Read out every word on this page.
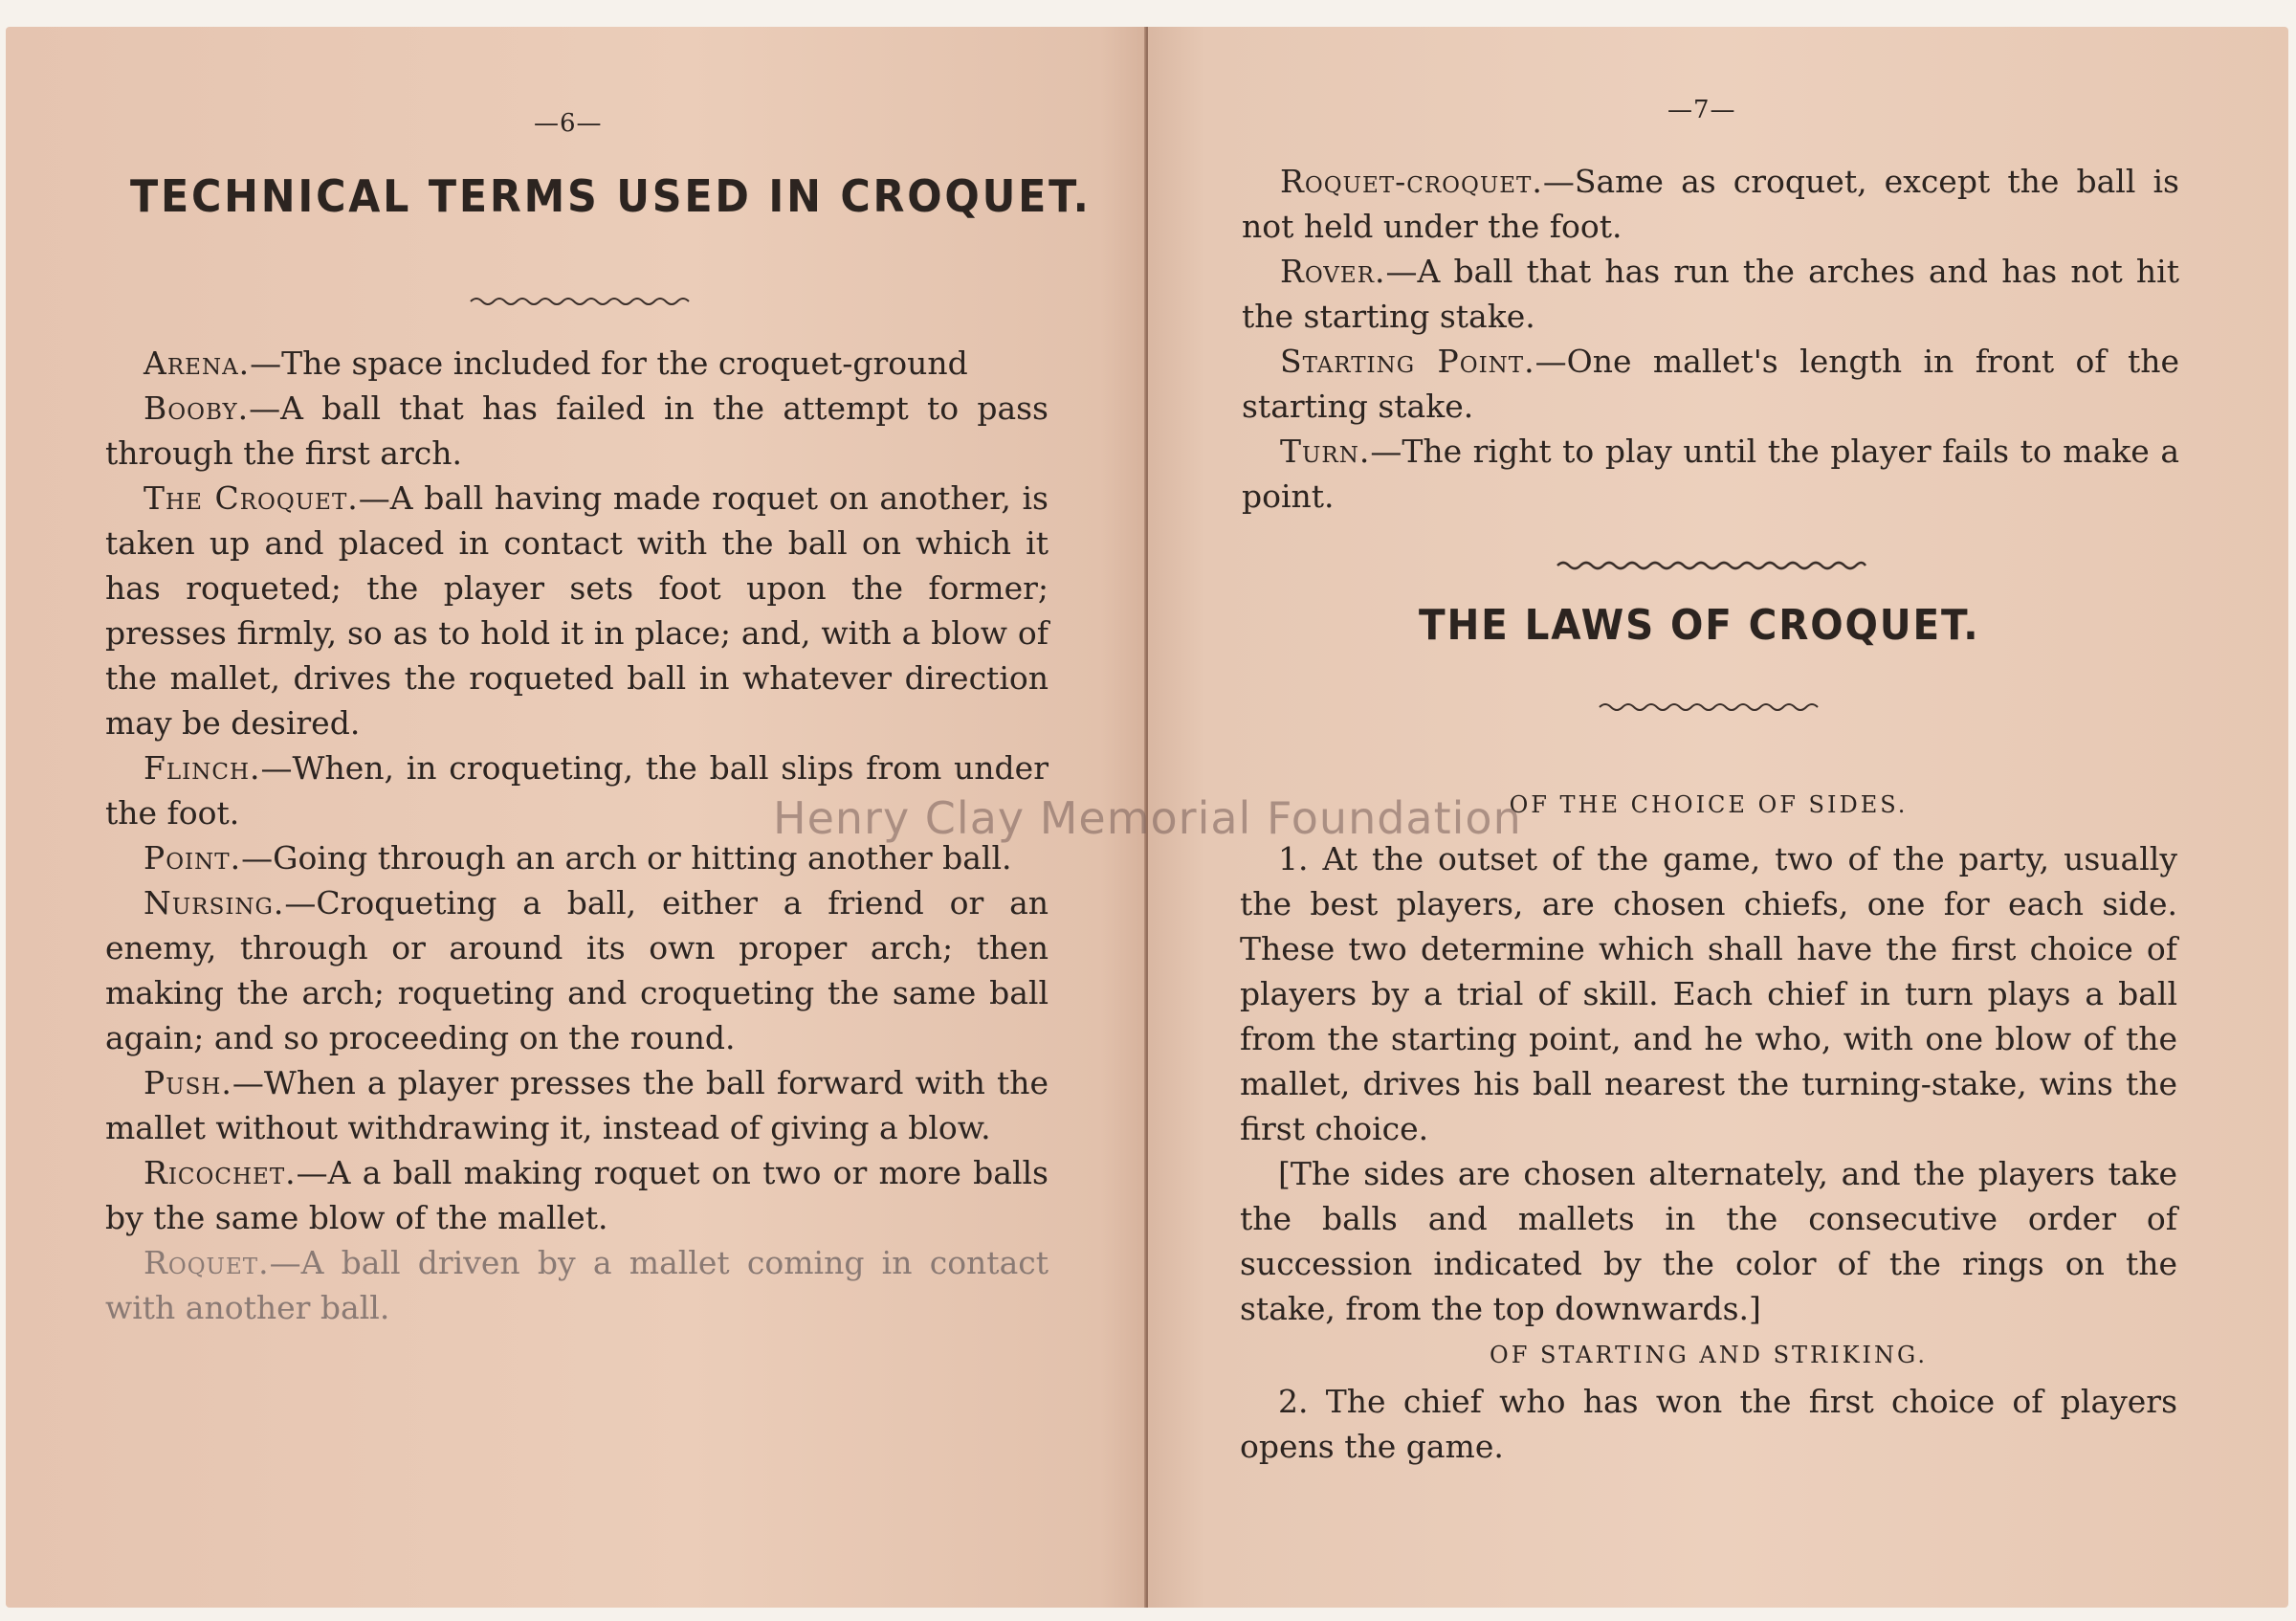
—6—
TECHNICAL TERMS USED IN CROQUET.

Arena.—The space included for the croquet-ground

Booby.—A ball that has failed in the attempt to pass through the first arch.

The Croquet.—A ball having made roquet on another, is taken up and placed in contact with the ball on which it has roqueted; the player sets foot upon the former; presses firmly, so as to hold it in place; and, with a blow of the mallet, drives the roqueted ball in whatever direction may be desired.

Flinch.—When, in croqueting, the ball slips from under the foot.

Point.—Going through an arch or hitting another ball.

Nursing.—Croqueting a ball, either a friend or an enemy, through or around its own proper arch; then making the arch; roqueting and croqueting the same ball again; and so proceeding on the round.

Push.—When a player presses the ball forward with the mallet without withdrawing it, instead of giving a blow.

Ricochet.—A a ball making roquet on two or more balls by the same blow of the mallet.

Roquet.—A ball driven by a mallet coming in contact with another ball.

—7—

Roquet-croquet.—Same as croquet, except the ball is not held under the foot.

Rover.—A ball that has run the arches and has not hit the starting stake.

Starting Point.—One mallet's length in front of the starting stake.

Turn.—The right to play until the player fails to make a point.

THE LAWS OF CROQUET.
OF THE CHOICE OF SIDES.

1. At the outset of the game, two of the party, usually the best players, are chosen chiefs, one for each side. These two determine which shall have the first choice of players by a trial of skill. Each chief in turn plays a ball from the starting point, and he who, with one blow of the mallet, drives his ball nearest the turning-stake, wins the first choice.

[The sides are chosen alternately, and the players take the balls and mallets in the consecutive order of succession indicated by the color of the rings on the stake, from the top downwards.]

OF STARTING AND STRIKING.

2. The chief who has won the first choice of players opens the game.

Henry Clay Memorial Foundation
